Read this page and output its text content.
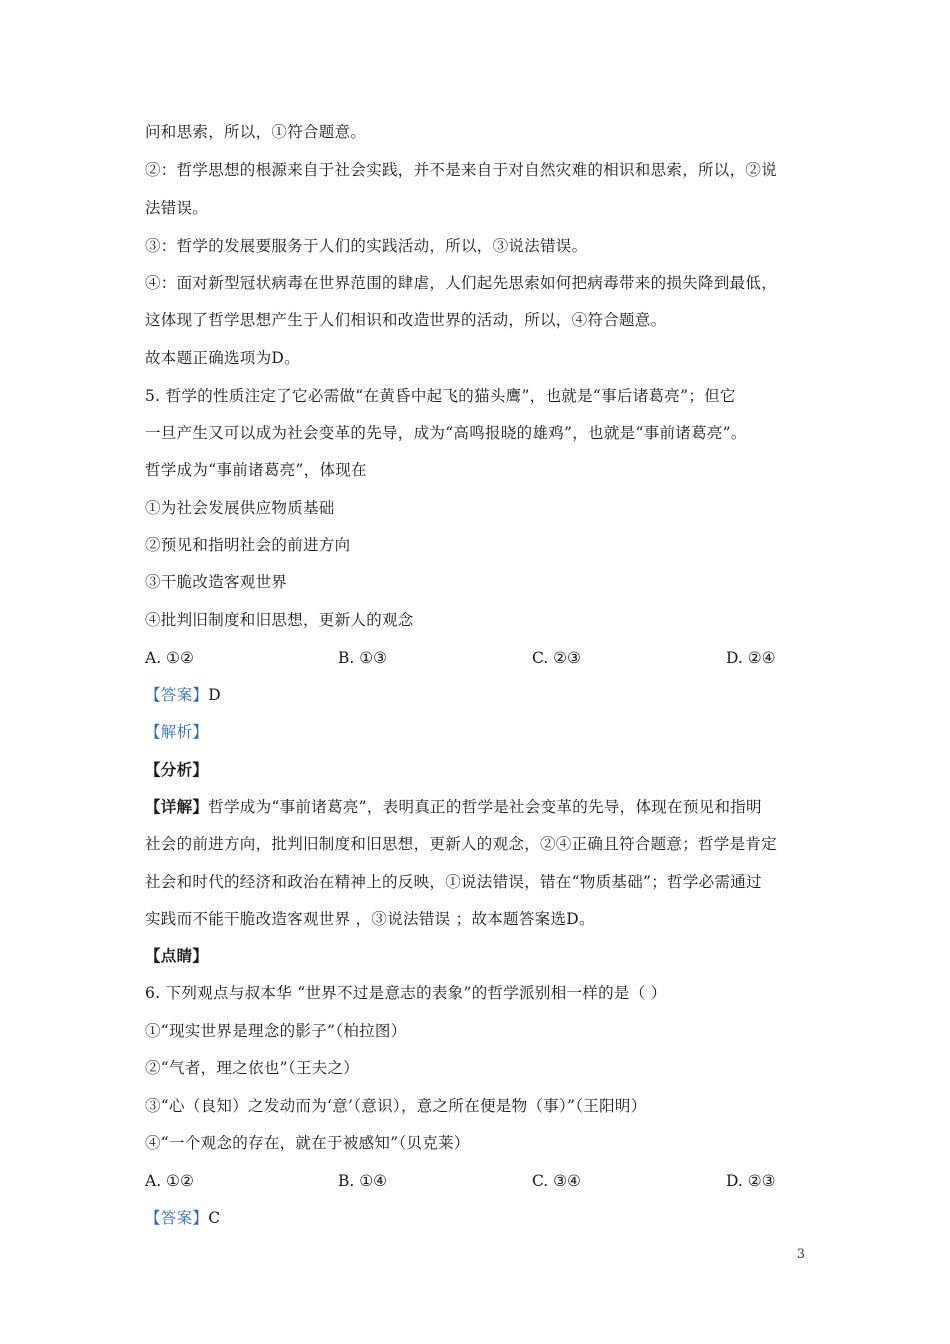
问和思索，所以，①符合题意。
②：哲学思想的根源来自于社会实践，并不是来自于对自然灾难的相识和思索，所以，②说
法错误。
③：哲学的发展要服务于人们的实践活动，所以，③说法错误。
④：面对新型冠状病毒在世界范围的肆虐，人们起先思索如何把病毒带来的损失降到最低，
这体现了哲学思想产生于人们相识和改造世界的活动，所以，④符合题意。
故本题正确选项为D。
5. 哲学的性质注定了它必需做“在黄昏中起飞的猫头鹰”，也就是“事后诸葛亮”；但它
一旦产生又可以成为社会变革的先导，成为“高鸣报晓的雄鸡”，也就是“事前诸葛亮”。
哲学成为“事前诸葛亮”，体现在
①为社会发展供应物质基础
②预见和指明社会的前进方向
③干脆改造客观世界
④批判旧制度和旧思想，更新人的观念
A. ①②	B. ①③	C. ②③	D. ②④
【答案】D
【解析】
【分析】
【详解】哲学成为“事前诸葛亮”，表明真正的哲学是社会变革的先导，体现在预见和指明
社会的前进方向，批判旧制度和旧思想，更新人的观念，②④正确且符合题意；哲学是肯定
社会和时代的经济和政治在精神上的反映，①说法错误，错在“物质基础”；哲学必需通过
实践而不能干脆改造客观世界 ，③说法错误 ；故本题答案选D。
【点睛】
6. 下列观点与叔本华 “世界不过是意志的表象”的哲学派别相一样的是（ ）
①“现实世界是理念的影子”（柏拉图）
②“气者，理之依也”（王夫之）
③“心（良知）之发动而为‘意’（意识），意之所在便是物（事）”（王阳明）
④“一个观念的存在，就在于被感知”（贝克莱）
A. ①②	B. ①④	C. ③④	D. ②③
【答案】C
3
